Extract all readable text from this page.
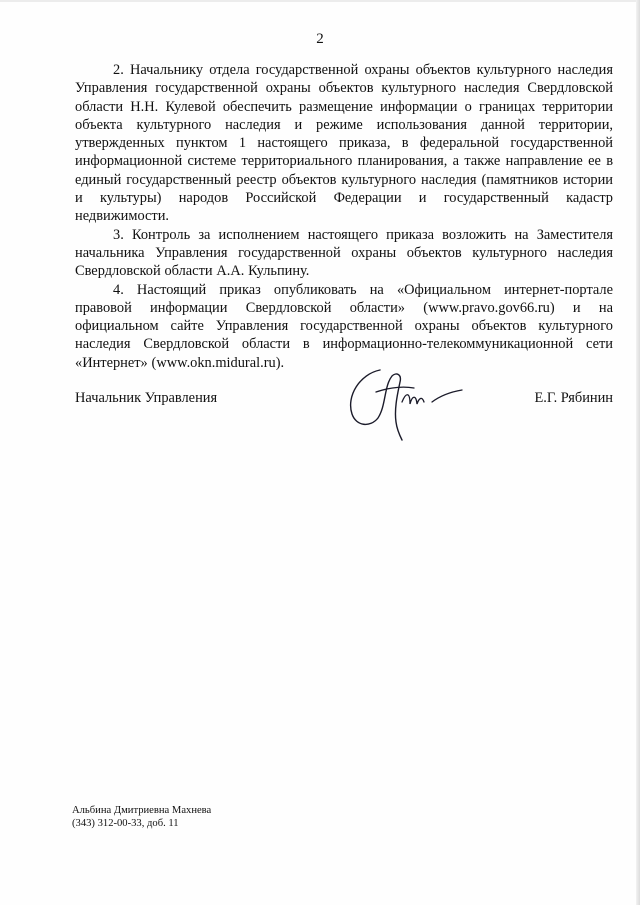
2

2. Начальнику отдела государственной охраны объектов культурного наследия Управления государственной охраны объектов культурного наследия Свердловской области Н.Н. Кулевой обеспечить размещение информации о границах территории объекта культурного наследия и режиме использования данной территории, утвержденных пунктом 1 настоящего приказа, в федеральной государственной информационной системе территориального планирования, а также направление ее в единый государственный реестр объектов культурного наследия (памятников истории и культуры) народов Российской Федерации и государственный кадастр недвижимости.

3. Контроль за исполнением настоящего приказа возложить на Заместителя начальника Управления государственной охраны объектов культурного наследия Свердловской области А.А. Кульпину.

4. Настоящий приказ опубликовать на «Официальном интернет-портале правовой информации Свердловской области» (www.pravo.gov66.ru) и на официальном сайте Управления государственной охраны объектов культурного наследия Свердловской области в информационно-телекоммуникационной сети «Интернет» (www.okn.midural.ru).

Начальник Управления	Е.Г. Рябинин
Альбина Дмитриевна Махнева
(343) 312-00-33, доб. 11
